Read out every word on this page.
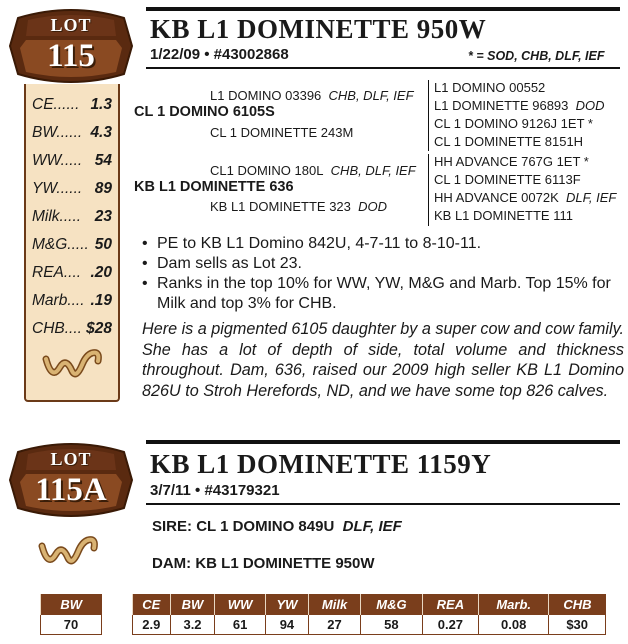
CE...... 1.3
BW...... 4.3
WW..... 54
YW...... 89
Milk..... 23
M&G..... 50
REA.... .20
Marb.... .19
CHB.... $28
LOT
115
KB L1 DOMINETTE 950W
1/22/09 • #43002868	* = SOD, CHB, DLF, IEF
L1 DOMINO 03396 CHB, DLF, IEF
CL 1 DOMINO 6105S
CL 1 DOMINETTE 243M
L1 DOMINO 00552
L1 DOMINETTE 96893 DOD
CL 1 DOMINO 9126J 1ET *
CL 1 DOMINETTE 8151H
CL1 DOMINO 180L CHB, DLF, IEF
KB L1 DOMINETTE 636
KB L1 DOMINETTE 323 DOD
HH ADVANCE 767G 1ET *
CL 1 DOMINETTE 6113F
HH ADVANCE 0072K DLF, IEF
KB L1 DOMINETTE 111
• PE to KB L1 Domino 842U, 4-7-11 to 8-10-11.
• Dam sells as Lot 23.
• Ranks in the top 10% for WW, YW, M&G and Marb. Top 15% for Milk and top 3% for CHB.
Here is a pigmented 6105 daughter by a super cow and cow family. She has a lot of depth of side, total volume and thickness throughout. Dam, 636, raised our 2009 high seller KB L1 Domino 826U to Stroh Herefords, ND, and we have some top 826 calves.
LOT
115A
KB L1 DOMINETTE 1159Y
3/7/11 • #43179321
SIRE: CL 1 DOMINO 849U DLF, IEF
DAM: KB L1 DOMINETTE 950W
BW
70
CE	BW	WW	YW	Milk	M&G	REA	Marb.	CHB
2.9	3.2	61	94	27	58	0.27	0.08	$30
